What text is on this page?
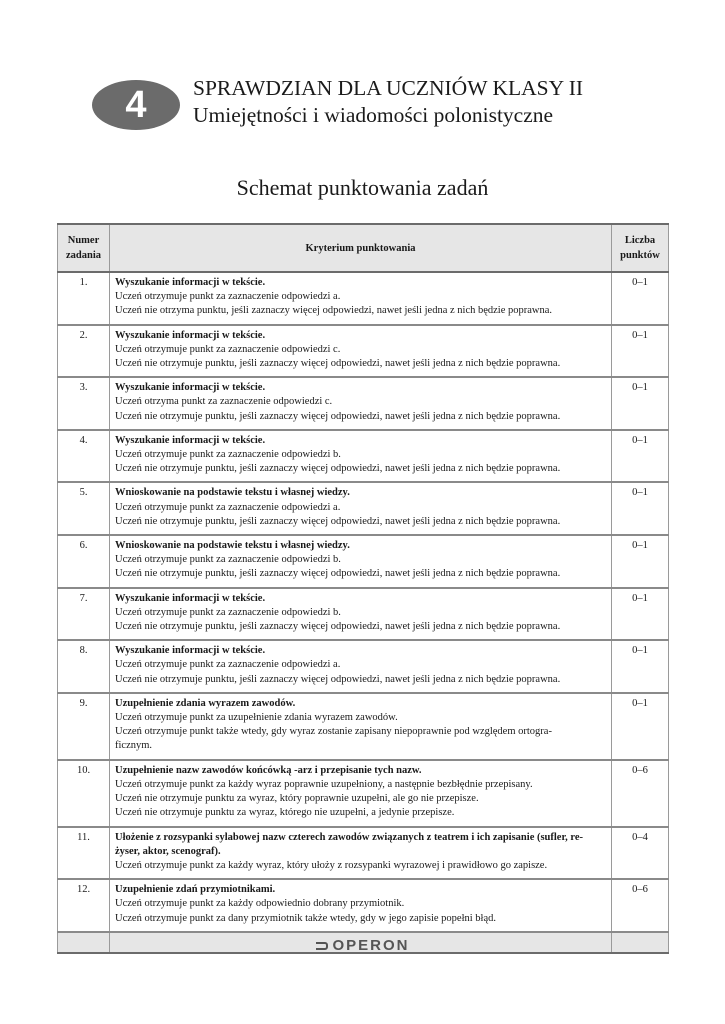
4	SPRAWDZIAN DLA UCZNIÓW KLASY II
Umiejętności i wiadomości polonistyczne
Schemat punktowania zadań
Numer
zadania	Kryterium punktowania	Liczba
punktów
1.	Wyszukanie informacji w tekście.
Uczeń otrzymuje punkt za zaznaczenie odpowiedzi a.
Uczeń nie otrzyma punktu, jeśli zaznaczy więcej odpowiedzi, nawet jeśli jedna z nich będzie poprawna.	0–1
2.	Wyszukanie informacji w tekście.
Uczeń otrzymuje punkt za zaznaczenie odpowiedzi c.
Uczeń nie otrzymuje punktu, jeśli zaznaczy więcej odpowiedzi, nawet jeśli jedna z nich będzie poprawna.	0–1
3.	Wyszukanie informacji w tekście.
Uczeń otrzyma punkt za zaznaczenie odpowiedzi c.
Uczeń nie otrzymuje punktu, jeśli zaznaczy więcej odpowiedzi, nawet jeśli jedna z nich będzie poprawna.	0–1
4.	Wyszukanie informacji w tekście.
Uczeń otrzymuje punkt za zaznaczenie odpowiedzi b.
Uczeń nie otrzymuje punktu, jeśli zaznaczy więcej odpowiedzi, nawet jeśli jedna z nich będzie poprawna.	0–1
5.	Wnioskowanie na podstawie tekstu i własnej wiedzy.
Uczeń otrzymuje punkt za zaznaczenie odpowiedzi a.
Uczeń nie otrzymuje punktu, jeśli zaznaczy więcej odpowiedzi, nawet jeśli jedna z nich będzie poprawna.	0–1
6.	Wnioskowanie na podstawie tekstu i własnej wiedzy.
Uczeń otrzymuje punkt za zaznaczenie odpowiedzi b.
Uczeń nie otrzymuje punktu, jeśli zaznaczy więcej odpowiedzi, nawet jeśli jedna z nich będzie poprawna.	0–1
7.	Wyszukanie informacji w tekście.
Uczeń otrzymuje punkt za zaznaczenie odpowiedzi b.
Uczeń nie otrzymuje punktu, jeśli zaznaczy więcej odpowiedzi, nawet jeśli jedna z nich będzie poprawna.	0–1
8.	Wyszukanie informacji w tekście.
Uczeń otrzymuje punkt za zaznaczenie odpowiedzi a.
Uczeń nie otrzymuje punktu, jeśli zaznaczy więcej odpowiedzi, nawet jeśli jedna z nich będzie poprawna.	0–1
9.	Uzupełnienie zdania wyrazem zawodów.
Uczeń otrzymuje punkt za uzupełnienie zdania wyrazem zawodów.
Uczeń otrzymuje punkt także wtedy, gdy wyraz zostanie zapisany niepoprawnie pod względem ortogra-
ficznym.	0–1
10.	Uzupełnienie nazw zawodów końcówką -arz i przepisanie tych nazw.
Uczeń otrzymuje punkt za każdy wyraz poprawnie uzupełniony, a następnie bezbłędnie przepisany.
Uczeń nie otrzymuje punktu za wyraz, który poprawnie uzupełni, ale go nie przepisze.
Uczeń nie otrzymuje punktu za wyraz, którego nie uzupełni, a jedynie przepisze.	0–6
11.	Ułożenie z rozsypanki sylabowej nazw czterech zawodów związanych z teatrem i ich zapisanie (sufler, re-
żyser, aktor, scenograf).
Uczeń otrzymuje punkt za każdy wyraz, który ułoży z rozsypanki wyrazowej i prawidłowo go zapisze.	0–4
12.	Uzupełnienie zdań przymiotnikami.
Uczeń otrzymuje punkt za każdy odpowiednio dobrany przymiotnik.
Uczeń otrzymuje punkt za dany przymiotnik także wtedy, gdy w jego zapisie popełni błąd.	0–6

OPERON
